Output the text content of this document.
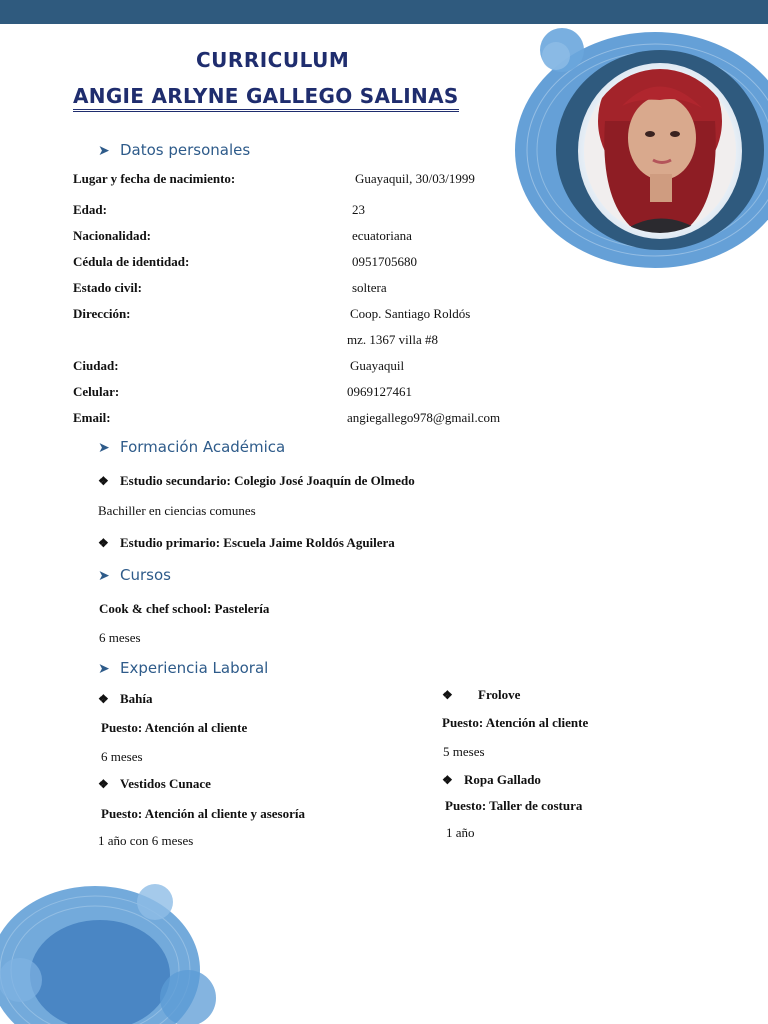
CURRICULUM
ANGIE ARLYNE GALLEGO SALINAS
➤ Datos personales
Lugar y fecha de nacimiento:	Guayaquil, 30/03/1999
Edad:	23
Nacionalidad:	ecuatoriana
Cédula de identidad:	0951705680
Estado civil:	soltera
Dirección:	Coop. Santiago Roldós
mz. 1367 villa #8
Ciudad:	Guayaquil
Celular:	0969127461
Email:	angiegallego978@gmail.com
➤ Formación Académica
❖ Estudio secundario: Colegio José Joaquín de Olmedo
Bachiller en ciencias comunes
❖ Estudio primario: Escuela Jaime Roldós Aguilera
➤ Cursos
Cook & chef school: Pastelería
6 meses
➤ Experiencia Laboral
❖ Bahía
Puesto: Atención al cliente
6 meses
❖ Vestidos Cunace
Puesto: Atención al cliente y asesoría
1 año con 6 meses
❖ Frolove
Puesto: Atención al cliente
5 meses
❖ Ropa Gallado
Puesto: Taller de costura
1 año
